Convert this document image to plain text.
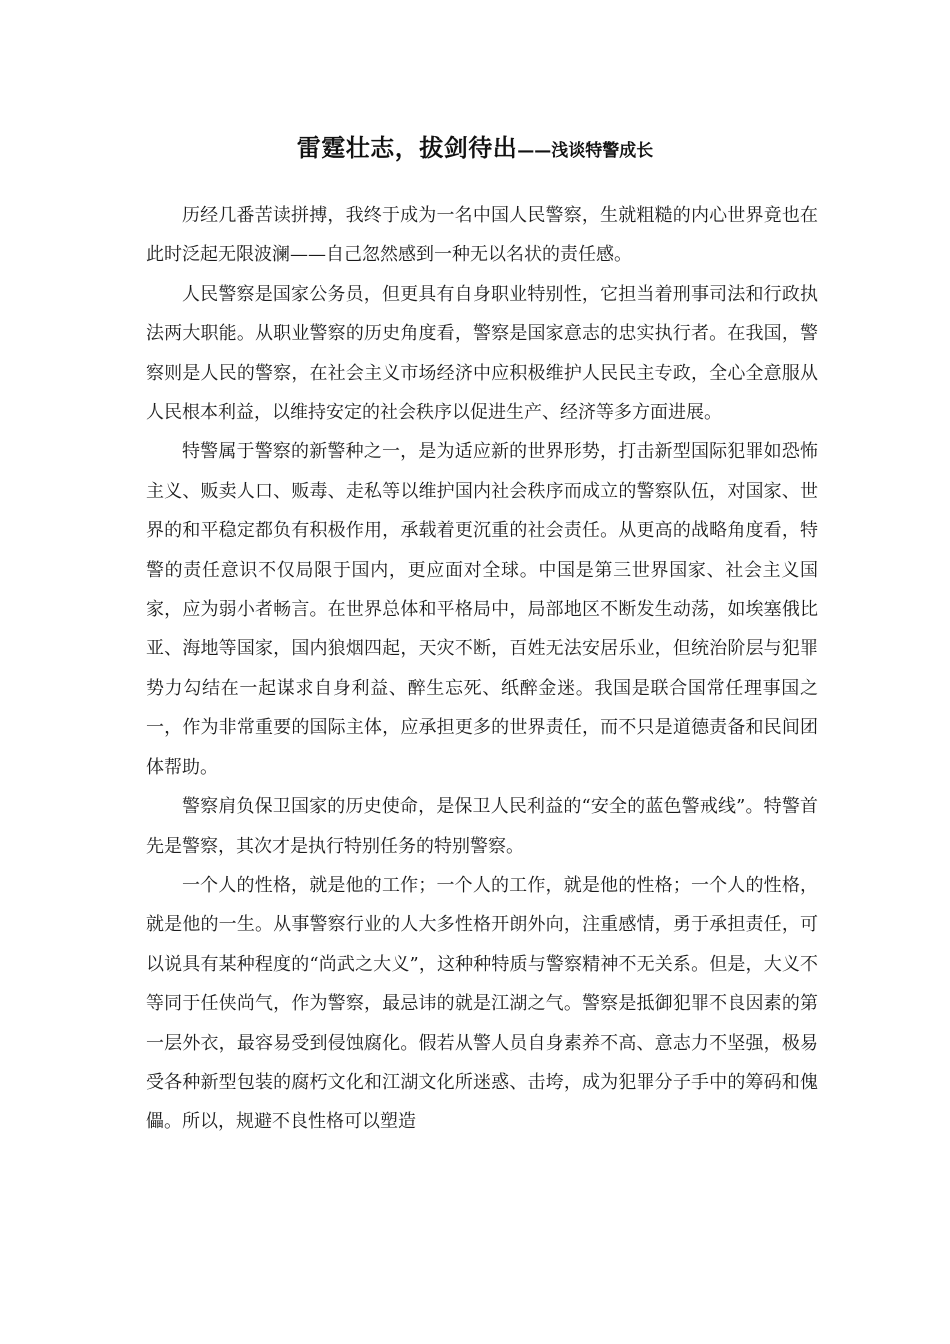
雷霆壮志，拔剑待出——浅谈特警成长

历经几番苦读拼搏，我终于成为一名中国人民警察，生就粗糙的内心世界竟也在此时泛起无限波澜——自己忽然感到一种无以名状的责任感。

人民警察是国家公务员，但更具有自身职业特别性，它担当着刑事司法和行政执法两大职能。从职业警察的历史角度看，警察是国家意志的忠实执行者。在我国，警察则是人民的警察，在社会主义市场经济中应积极维护人民民主专政，全心全意服从人民根本利益，以维持安定的社会秩序以促进生产、经济等多方面进展。

特警属于警察的新警种之一，是为适应新的世界形势，打击新型国际犯罪如恐怖主义、贩卖人口、贩毒、走私等以维护国内社会秩序而成立的警察队伍，对国家、世界的和平稳定都负有积极作用，承载着更沉重的社会责任。从更高的战略角度看，特警的责任意识不仅局限于国内，更应面对全球。中国是第三世界国家、社会主义国家，应为弱小者畅言。在世界总体和平格局中，局部地区不断发生动荡，如埃塞俄比亚、海地等国家，国内狼烟四起，天灾不断，百姓无法安居乐业，但统治阶层与犯罪势力勾结在一起谋求自身利益、醉生忘死、纸醉金迷。我国是联合国常任理事国之一，作为非常重要的国际主体，应承担更多的世界责任，而不只是道德责备和民间团体帮助。

警察肩负保卫国家的历史使命，是保卫人民利益的“安全的蓝色警戒线”。特警首先是警察，其次才是执行特别任务的特别警察。

一个人的性格，就是他的工作；一个人的工作，就是他的性格；一个人的性格，就是他的一生。从事警察行业的人大多性格开朗外向，注重感情，勇于承担责任，可以说具有某种程度的“尚武之大义”，这种种特质与警察精神不无关系。但是，大义不等同于任侠尚气，作为警察，最忌讳的就是江湖之气。警察是抵御犯罪不良因素的第一层外衣，最容易受到侵蚀腐化。假若从警人员自身素养不高、意志力不坚强，极易受各种新型包装的腐朽文化和江湖文化所迷惑、击垮，成为犯罪分子手中的筹码和傀儡。所以，规避不良性格可以塑造
